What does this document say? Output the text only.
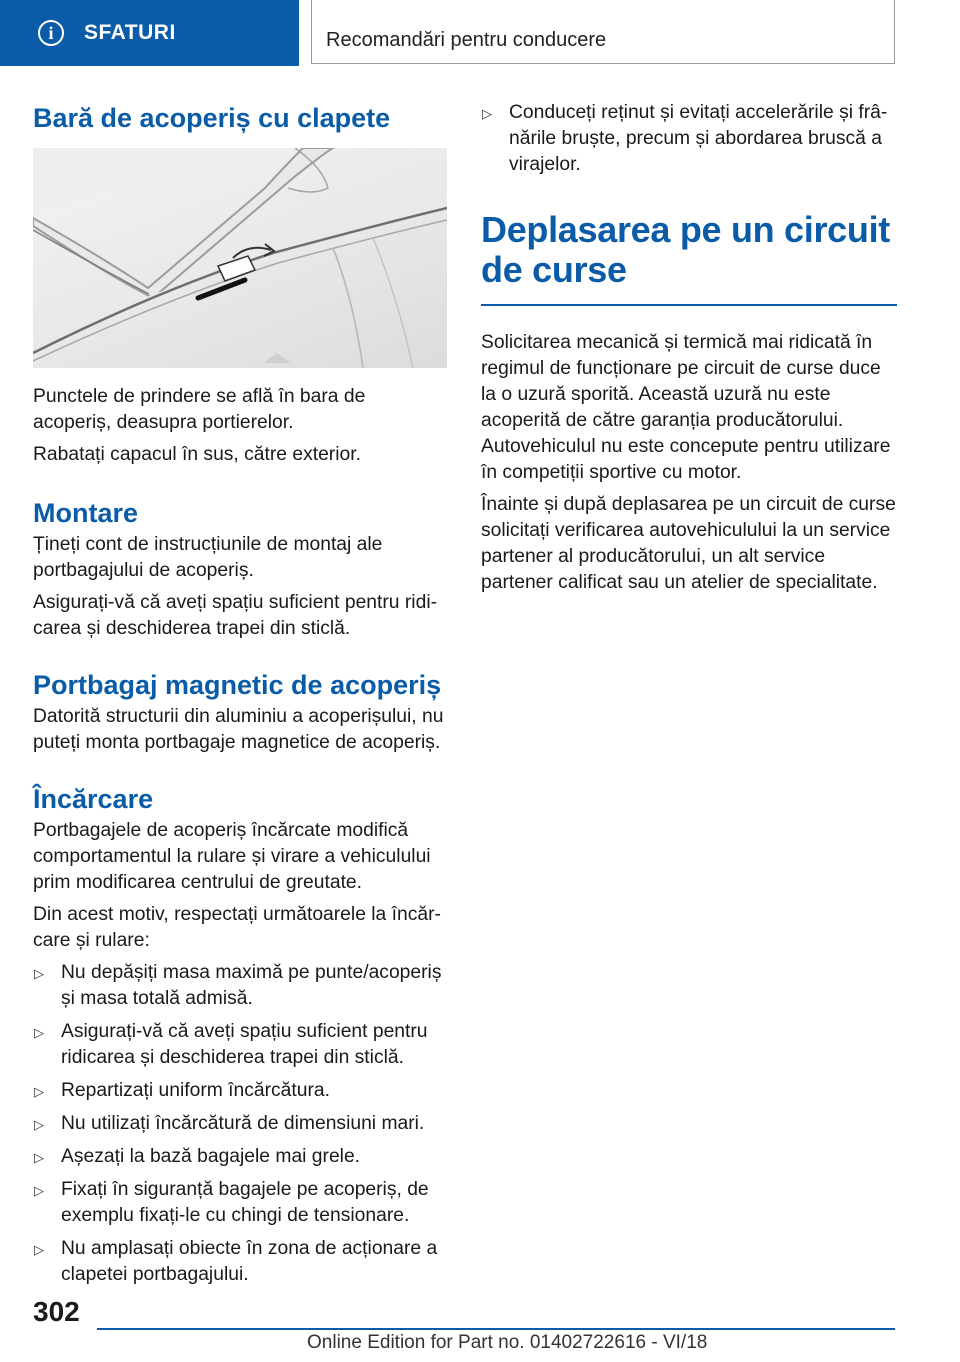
i	SFATURI	Recomandări pentru conducere
Bară de acoperiș cu clapete

Punctele de prindere se află în bara de acoperiș, deasupra portierelor.

Rabatați capacul în sus, către exterior.

Montare

Țineți cont de instrucțiunile de montaj ale portbagajului de acoperiș.

Asigurați-vă că aveți spațiu suficient pentru ridicarea și deschiderea trapei din sticlă.

Portbagaj magnetic de acoperiș

Datorită structurii din aluminiu a acoperișului, nu puteți monta portbagaje magnetice de acoperiș.

Încărcare

Portbagajele de acoperiș încărcate modifică comportamentul la rulare și virare a vehiculului prim modificarea centrului de greutate.

Din acest motiv, respectați următoarele la încărcare și rulare:

▷ Nu depășiți masa maximă pe punte/acoperiș și masa totală admisă.
▷ Asigurați-vă că aveți spațiu suficient pentru ridicarea și deschiderea trapei din sticlă.
▷ Repartizați uniform încărcătura.
▷ Nu utilizați încărcătură de dimensiuni mari.
▷ Așezați la bază bagajele mai grele.
▷ Fixați în siguranță bagajele pe acoperiș, de exemplu fixați-le cu chingi de tensionare.
▷ Nu amplasați obiecte în zona de acționare a clapetei portbagajului.
▷ Conduceți reținut și evitați accelerările și frânările bruște, precum și abordarea bruscă a virajelor.
Deplasarea pe un circuit de curse

Solicitarea mecanică și termică mai ridicată în regimul de funcționare pe circuit de curse duce la o uzură sporită. Această uzură nu este acoperită de către garanția producătorului. Autovehiculul nu este concepute pentru utilizare în competiții sportive cu motor.

Înainte și după deplasarea pe un circuit de curse solicitați verificarea autovehiculului la un service partener al producătorului, un alt service partener calificat sau un atelier de specialitate.

302
Online Edition for Part no. 01402722616 - VI/18
